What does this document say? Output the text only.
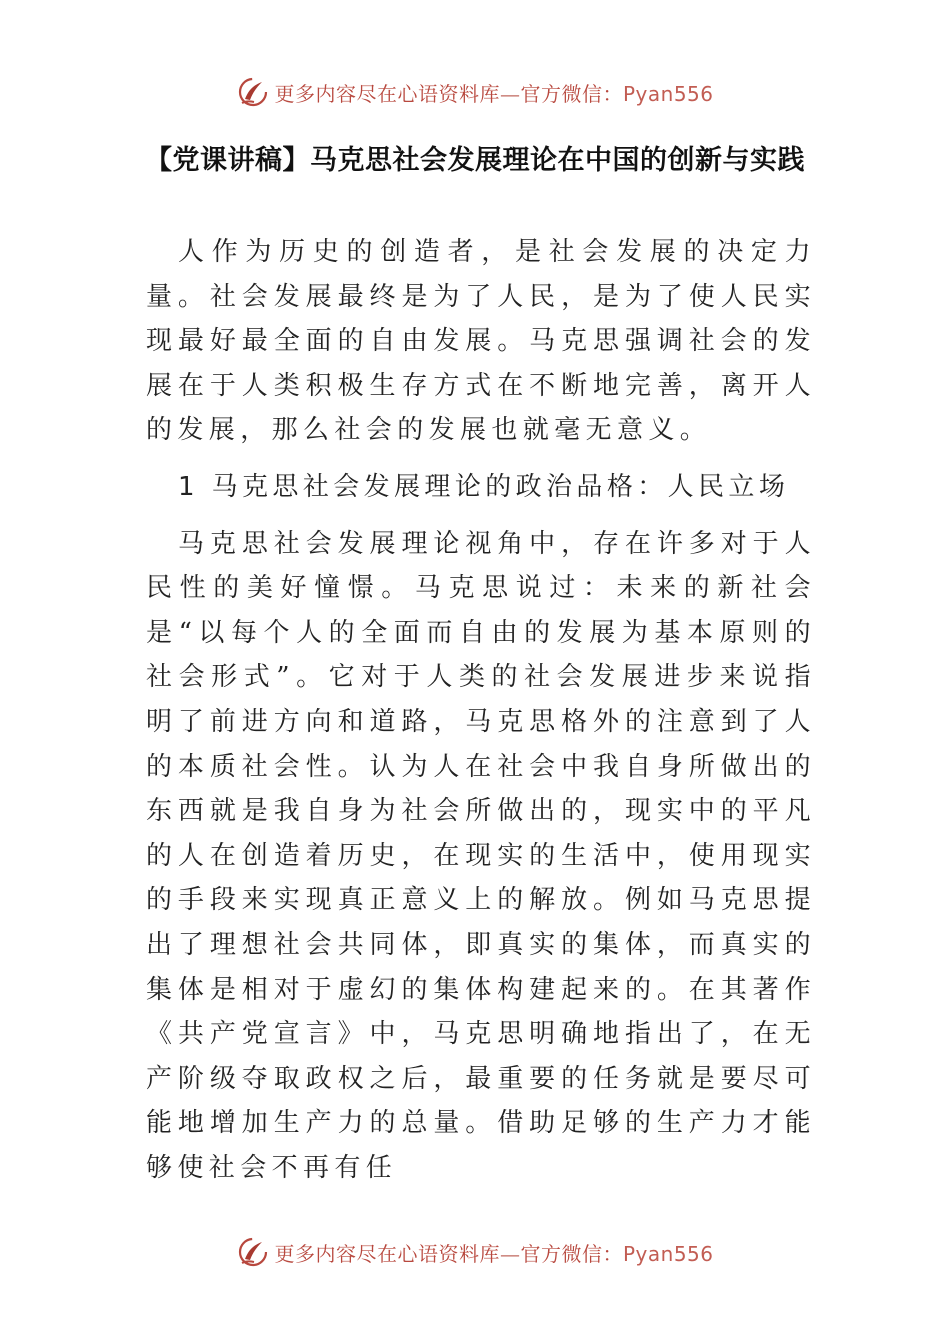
更多内容尽在心语资料库—官方微信：Pyan556
【党课讲稿】马克思社会发展理论在中国的创新与实践

人作为历史的创造者，是社会发展的决定力量。社会发展最终是为了人民，是为了使人民实现最好最全面的自由发展。马克思强调社会的发展在于人类积极生存方式在不断地完善，离开人的发展，那么社会的发展也就毫无意义。

1 马克思社会发展理论的政治品格：人民立场

马克思社会发展理论视角中，存在许多对于人民性的美好憧憬。马克思说过：未来的新社会是“以每个人的全面而自由的发展为基本原则的社会形式”。它对于人类的社会发展进步来说指明了前进方向和道路，马克思格外的注意到了人的本质社会性。认为人在社会中我自身所做出的东西就是我自身为社会所做出的，现实中的平凡的人在创造着历史，在现实的生活中，使用现实的手段来实现真正意义上的解放。例如马克思提出了理想社会共同体，即真实的集体，而真实的集体是相对于虚幻的集体构建起来的。在其著作《共产党宣言》中，马克思明确地指出了，在无产阶级夺取政权之后，最重要的任务就是要尽可能地增加生产力的总量。借助足够的生产力才能够使社会不再有任

更多内容尽在心语资料库—官方微信：Pyan556
